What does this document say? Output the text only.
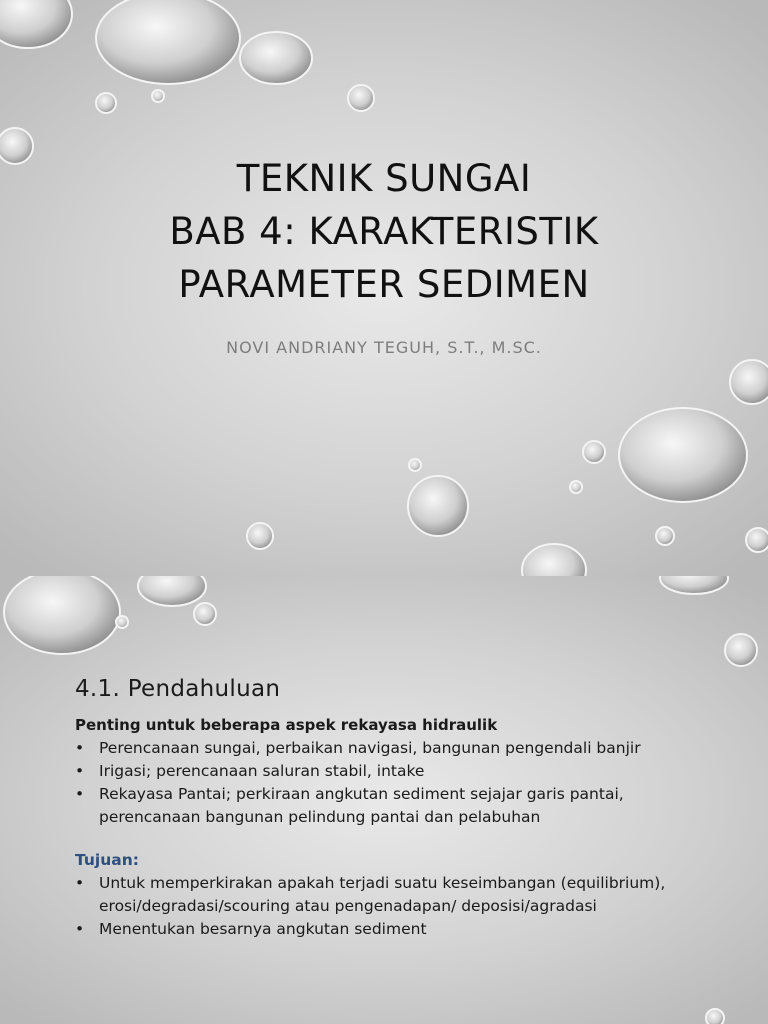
TEKNIK SUNGAI
BAB 4: KARAKTERISTIK
PARAMETER SEDIMEN
NOVI ANDRIANY TEGUH, S.T., M.SC.
4.1. Pendahuluan
Penting untuk beberapa aspek rekayasa hidraulik
• Perencanaan sungai, perbaikan navigasi, bangunan pengendali banjir
• Irigasi; perencanaan saluran stabil, intake
• Rekayasa Pantai; perkiraan angkutan sediment sejajar garis pantai, perencanaan bangunan pelindung pantai dan pelabuhan
Tujuan:
• Untuk memperkirakan apakah terjadi suatu keseimbangan (equilibrium), erosi/degradasi/scouring atau pengenadapan/ deposisi/agradasi
• Menentukan besarnya angkutan sediment
